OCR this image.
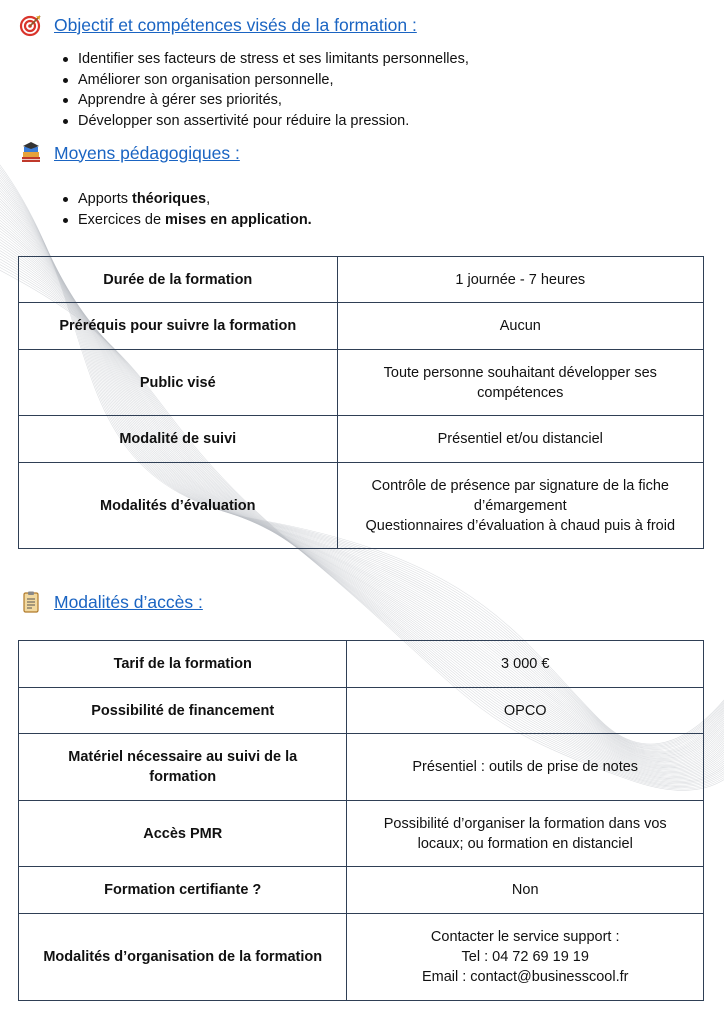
Objectif et compétences visés de la formation :
Identifier ses facteurs de stress et ses limitants personnelles,
Améliorer son organisation personnelle,
Apprendre à gérer ses priorités,
Développer son assertivité pour réduire la pression.
Moyens pédagogiques :
Apports théoriques,
Exercices de mises en application.
Durée de la formation	1 journée - 7 heures
Préréquis pour suivre la formation	Aucun
Public visé	Toute personne souhaitant développer ses
compétences

Modalité de suivi	Présentiel et/ou distanciel
Modalités d’évaluation	Contrôle de présence par signature de la fiche
d’émargement
Questionnaires d’évaluation à chaud puis à froid
Modalités d’accès :
Tarif de la formation	3 000 €
Possibilité de financement	OPCO

Matériel nécessaire au suivi de la
formation	Présentiel : outils de prise de notes
Accès PMR	Possibilité d’organiser la formation dans vos
locaux; ou formation en distanciel

Formation certifiante ?	Non
Modalités d’organisation de la formation	Contacter le service support :
Tel : 04 72 69 19 19
Email : contact@businesscool.fr
